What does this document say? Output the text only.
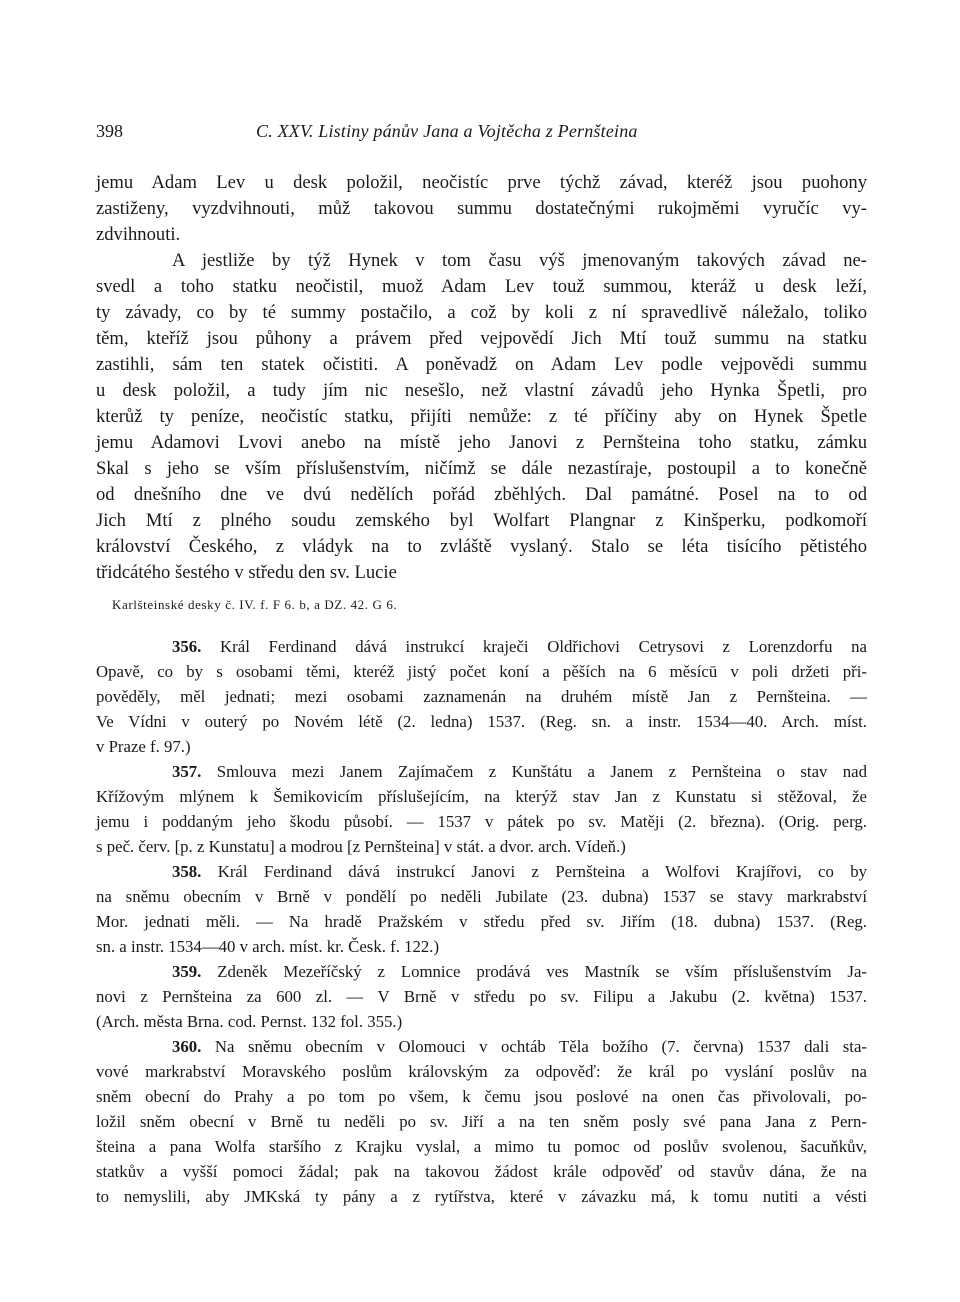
398	C. XXV. Listiny pánův Jana a Vojtěcha z Pernšteina
jemu Adam Lev u desk položil, neočistíc prve týchž závad, kteréž jsou puohony
zastiženy, vyzdvihnouti, můž takovou summu dostatečnými rukojměmi vyručíc vy-
zdvihnouti.
A jestliže by týž Hynek v tom času výš jmenovaným takových závad ne-
svedl a toho statku neočistil, muož Adam Lev touž summou, kteráž u desk leží,
ty závady, co by té summy postačilo, a což by koli z ní spravedlivě náležalo, toliko
těm, kteříž jsou půhony a právem před vejpovědí Jich Mtí touž summu na statku
zastihli, sám ten statek očistiti. A poněvadž on Adam Lev podle vejpovědi summu
u desk položil, a tudy jím nic nesešlo, než vlastní závadů jeho Hynka Špetli, pro
kterůž ty peníze, neočistíc statku, přijíti nemůže: z té příčiny aby on Hynek Špetle
jemu Adamovi Lvovi anebo na místě jeho Janovi z Pernšteina toho statku, zámku
Skal s jeho se vším příslušenstvím, ničímž se dále nezastíraje, postoupil a to konečně
od dnešního dne ve dvú nedělích pořád zběhlých. Dal památné. Posel na to od
Jich Mtí z plného soudu zemského byl Wolfart Plangnar z Kinšperku, podkomoří
království Českého, z vládyk na to zvláště vyslaný. Stalo se léta tisícího pětistého
třidcátého šestého v středu den sv. Lucie
Karlšteinské desky č. IV. f. F 6. b, a DZ. 42. G 6.
356. Král Ferdinand dává instrukcí kraječi Oldřichovi Cetrysovi z Lorenzdorfu na
Opavě, co by s osobami těmi, kteréž jistý počet koní a pěších na 6 měsícū v poli držeti při-
pověděly, měl jednati; mezi osobami zaznamenán na druhém místě Jan z Pernšteina. —
Ve Vídni v outerý po Novém létě (2. ledna) 1537. (Reg. sn. a instr. 1534—40. Arch. míst.
v Praze f. 97.)
357. Smlouva mezi Janem Zajímačem z Kunštátu a Janem z Pernšteina o stav nad
Křížovým mlýnem k Šemikovicím příslušejícím, na kterýž stav Jan z Kunstatu si stěžoval, že
jemu i poddaným jeho škodu působí. — 1537 v pátek po sv. Matěji (2. března). (Orig. perg.
s peč. červ. [p. z Kunstatu] a modrou [z Pernšteina] v stát. a dvor. arch. Vídeň.)
358. Král Ferdinand dává instrukcí Janovi z Pernšteina a Wolfovi Krajířovi, co by
na sněmu obecním v Brně v pondělí po neděli Jubilate (23. dubna) 1537 se stavy markrabství
Mor. jednati měli. — Na hradě Pražském v středu před sv. Jiřím (18. dubna) 1537. (Reg.
sn. a instr. 1534—40 v arch. míst. kr. Česk. f. 122.)
359. Zdeněk Mezeříčský z Lomnice prodává ves Mastník se vším příslušenstvím Ja-
novi z Pernšteina za 600 zl. — V Brně v středu po sv. Filipu a Jakubu (2. května) 1537.
(Arch. města Brna. cod. Pernst. 132 fol. 355.)
360. Na sněmu obecním v Olomouci v ochtáb Těla božího (7. června) 1537 dali sta-
vové markrabství Moravského poslům královským za odpověď: že král po vyslání poslův na
sněm obecní do Prahy a po tom po všem, k čemu jsou poslové na onen čas přivolovali, po-
ložil sněm obecní v Brně tu neděli po sv. Jiří a na ten sněm posly své pana Jana z Pern-
šteina a pana Wolfa staršího z Krajku vyslal, a mimo tu pomoc od poslův svolenou, šacuňkův,
statkův a vyšší pomoci žádal; pak na takovou žádost krále odpověď od stavův dána, že na
to nemyslili, aby JMKská ty pány a z rytířstva, které v závazku má, k tomu nutiti a vésti
